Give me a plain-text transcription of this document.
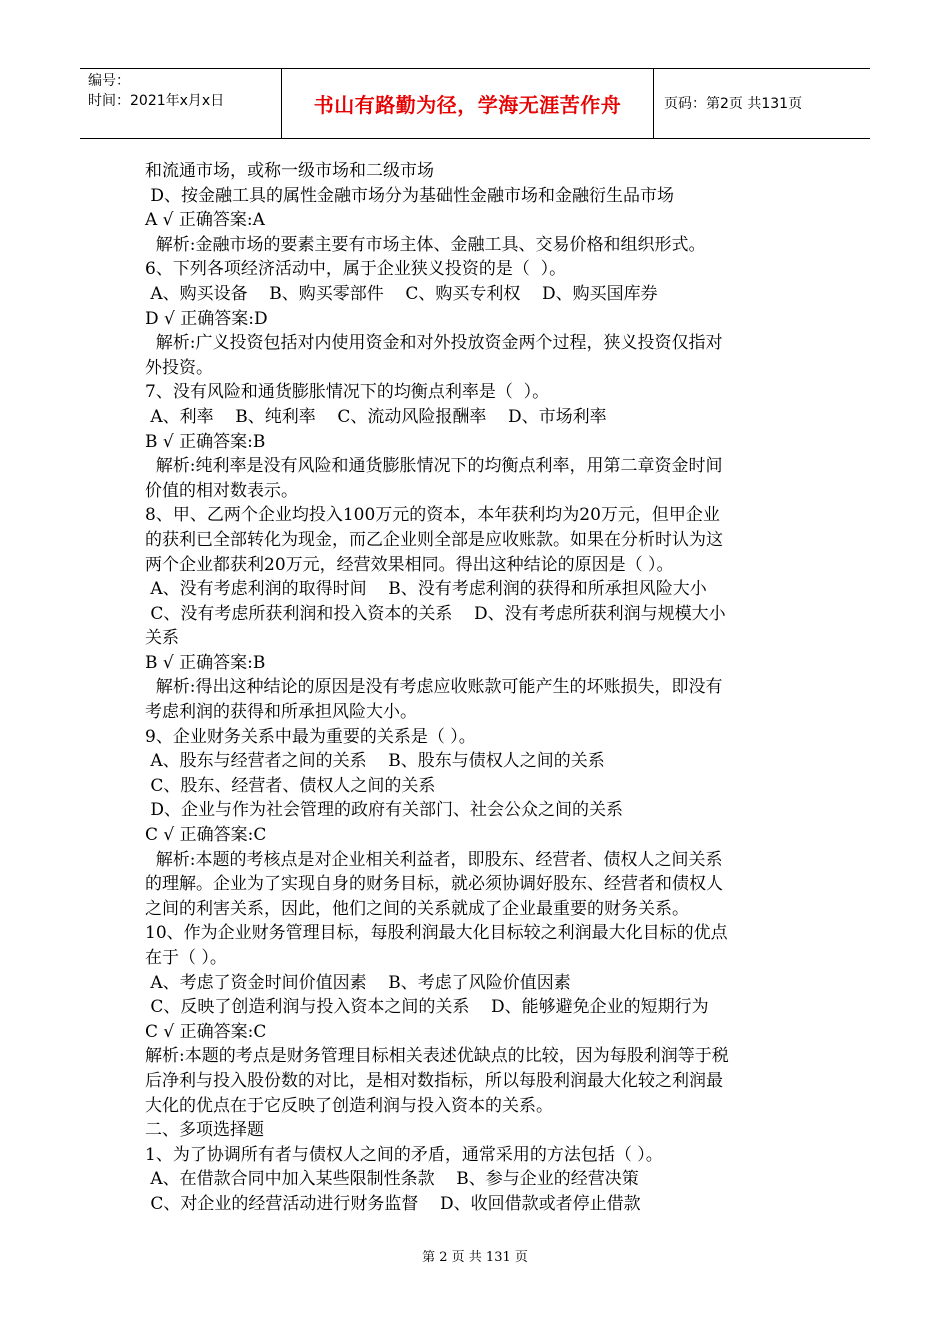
编号：
时间：2021年x月x日	书山有路勤为径，学海无涯苦作舟	页码：第2页 共131页
和流通市场，或称一级市场和二级市场
D、按金融工具的属性金融市场分为基础性金融市场和金融衍生品市场
A √ 正确答案:A
解析:金融市场的要素主要有市场主体、金融工具、交易价格和组织形式。
6、下列各项经济活动中，属于企业狭义投资的是（  ）。
A、购买设备    B、购买零部件    C、购买专利权    D、购买国库券
D √ 正确答案:D
解析:广义投资包括对内使用资金和对外投放资金两个过程，狭义投资仅指对
外投资。
7、没有风险和通货膨胀情况下的均衡点利率是（  ）。
A、利率    B、纯利率    C、流动风险报酬率    D、市场利率
B √ 正确答案:B
解析:纯利率是没有风险和通货膨胀情况下的均衡点利率，用第二章资金时间
价值的相对数表示。
8、甲、乙两个企业均投入100万元的资本，本年获利均为20万元，但甲企业
的获利已全部转化为现金，而乙企业则全部是应收账款。如果在分析时认为这
两个企业都获利20万元，经营效果相同。得出这种结论的原因是（ ）。
A、没有考虑利润的取得时间    B、没有考虑利润的获得和所承担风险大小
C、没有考虑所获利润和投入资本的关系    D、没有考虑所获利润与规模大小
关系
B √ 正确答案:B
解析:得出这种结论的原因是没有考虑应收账款可能产生的坏账损失，即没有
考虑利润的获得和所承担风险大小。
9、企业财务关系中最为重要的关系是（ ）。
A、股东与经营者之间的关系    B、股东与债权人之间的关系
C、股东、经营者、债权人之间的关系
D、企业与作为社会管理的政府有关部门、社会公众之间的关系
C √ 正确答案:C
解析:本题的考核点是对企业相关利益者，即股东、经营者、债权人之间关系
的理解。企业为了实现自身的财务目标，就必须协调好股东、经营者和债权人
之间的利害关系，因此，他们之间的关系就成了企业最重要的财务关系。
10、作为企业财务管理目标，每股利润最大化目标较之利润最大化目标的优点
在于（ ）。
A、考虑了资金时间价值因素    B、考虑了风险价值因素
C、反映了创造利润与投入资本之间的关系    D、能够避免企业的短期行为
C √ 正确答案:C
解析:本题的考点是财务管理目标相关表述优缺点的比较，因为每股利润等于税
后净利与投入股份数的对比，是相对数指标，所以每股利润最大化较之利润最
大化的优点在于它反映了创造利润与投入资本的关系。
二、多项选择题
1、为了协调所有者与债权人之间的矛盾，通常采用的方法包括（ ）。
A、在借款合同中加入某些限制性条款    B、参与企业的经营决策
C、对企业的经营活动进行财务监督    D、收回借款或者停止借款
第 2 页 共 131 页
